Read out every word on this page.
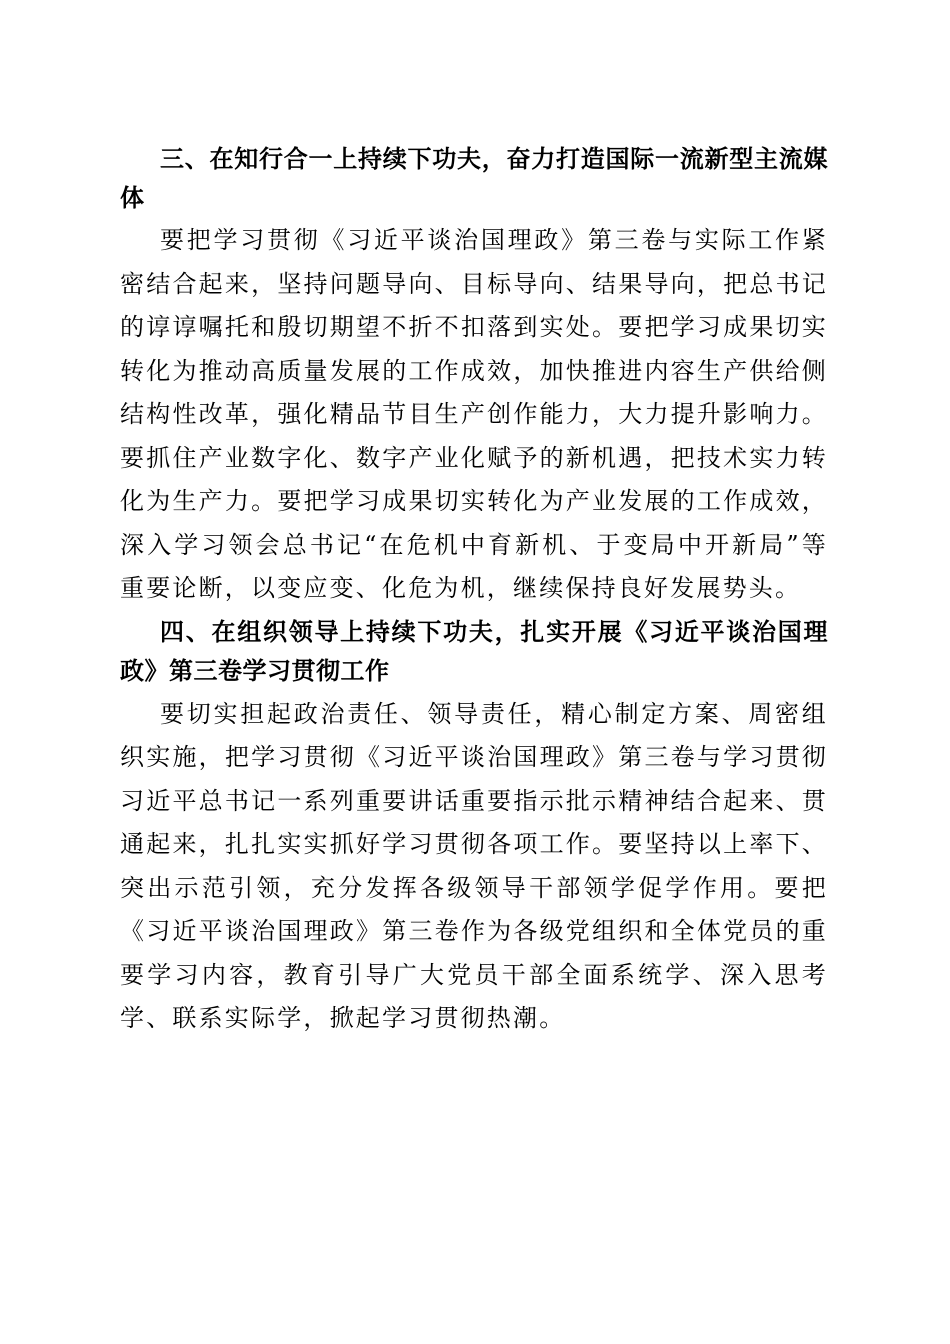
三、在知行合一上持续下功夫，奋力打造国际一流新型主流媒体

要把学习贯彻《习近平谈治国理政》第三卷与实际工作紧密结合起来，坚持问题导向、目标导向、结果导向，把总书记的谆谆嘱托和殷切期望不折不扣落到实处。要把学习成果切实转化为推动高质量发展的工作成效，加快推进内容生产供给侧结构性改革，强化精品节目生产创作能力，大力提升影响力。要抓住产业数字化、数字产业化赋予的新机遇，把技术实力转化为生产力。要把学习成果切实转化为产业发展的工作成效，深入学习领会总书记“在危机中育新机、于变局中开新局”等重要论断，以变应变、化危为机，继续保持良好发展势头。

四、在组织领导上持续下功夫，扎实开展《习近平谈治国理政》第三卷学习贯彻工作

要切实担起政治责任、领导责任，精心制定方案、周密组织实施，把学习贯彻《习近平谈治国理政》第三卷与学习贯彻习近平总书记一系列重要讲话重要指示批示精神结合起来、贯通起来，扎扎实实抓好学习贯彻各项工作。要坚持以上率下、突出示范引领，充分发挥各级领导干部领学促学作用。要把《习近平谈治国理政》第三卷作为各级党组织和全体党员的重要学习内容，教育引导广大党员干部全面系统学、深入思考学、联系实际学，掀起学习贯彻热潮。
